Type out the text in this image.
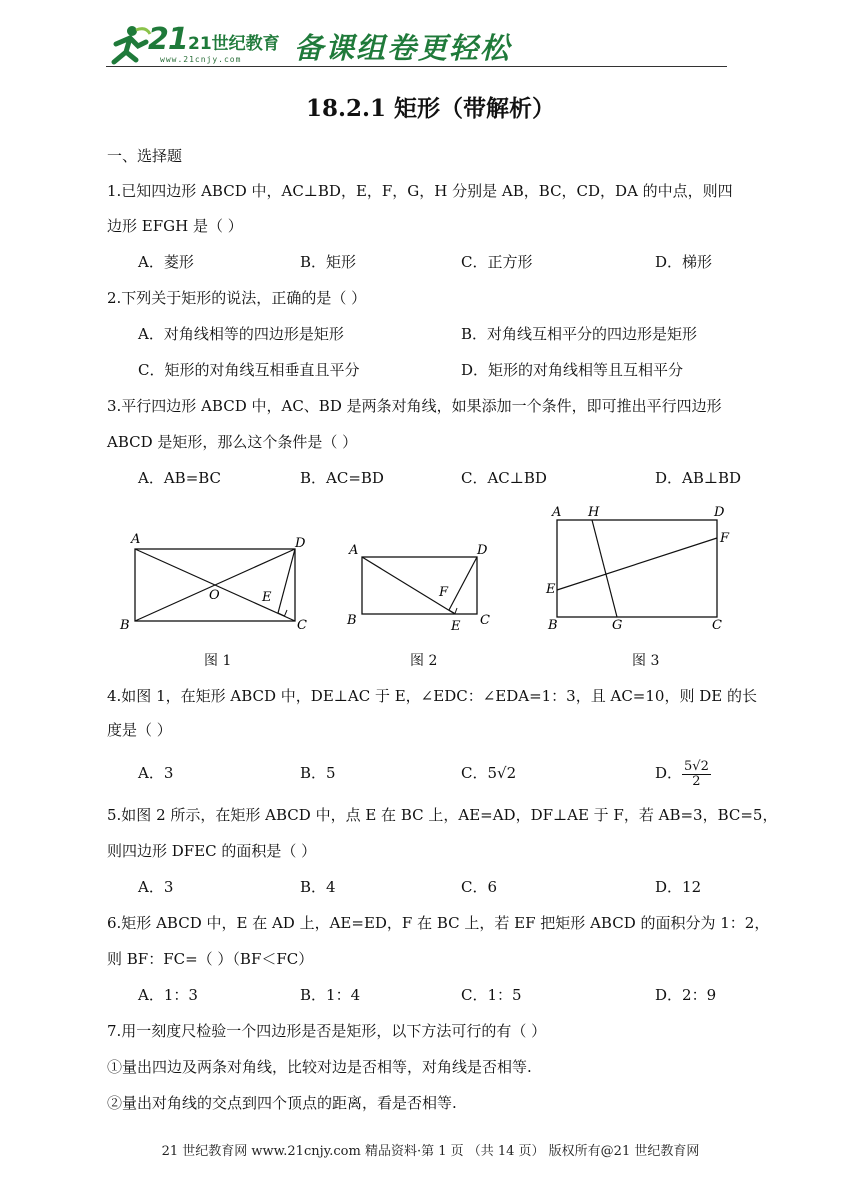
21 21世纪教育
www.21cnjy.com 备课组卷更轻松
18.2.1 矩形（带解析）
一、选择题
1.已知四边形 ABCD 中，AC⊥BD，E，F，G，H 分别是 AB，BC，CD，DA 的中点，则四
边形 EFGH 是（ ）
A．菱形	B．矩形	C．正方形	D．梯形
2.下列关于矩形的说法，正确的是（ ）
A．对角线相等的四边形是矩形	B．对角线互相平分的四边形是矩形
C．矩形的对角线互相垂直且平分	D．矩形的对角线相等且互相平分
3.平行四边形 ABCD 中，AC、BD 是两条对角线，如果添加一个条件，即可推出平行四边形
ABCD 是矩形，那么这个条件是（ ）
A．AB=BC	B．AC=BD	C．AC⊥BD	D．AB⊥BD
A
B	C
D
O	E
图 1
A
B	C
D
E
F
图 2
A H	D
F
E
B	G	C
图 3
4.如图 1，在矩形 ABCD 中，DE⊥AC 于 E，∠EDC：∠EDA=1：3，且 AC=10，则 DE 的长
度是（ ）
A．3	B．5	C．5√2	D． $\frac{5√2}{2}$
5.如图 2 所示，在矩形 ABCD 中，点 E 在 BC 上，AE=AD，DF⊥AE 于 F，若 AB=3，BC=5，
则四边形 DFEC 的面积是（ ）
A．3	B．4	C．6	D．12
6.矩形 ABCD 中，E 在 AD 上，AE=ED，F 在 BC 上，若 EF 把矩形 ABCD 的面积分为 1：2，
则 BF：FC=（ ）（BF＜FC）
A．1：3	B．1：4	C．1：5	D．2：9
7.用一刻度尺检验一个四边形是否是矩形，以下方法可行的有（ ）
①量出四边及两条对角线，比较对边是否相等，对角线是否相等.
②量出对角线的交点到四个顶点的距离，看是否相等.
21 世纪教育网 www.21cnjy.com 精品资料·第 1 页 （共 14 页） 版权所有@21 世纪教育网
